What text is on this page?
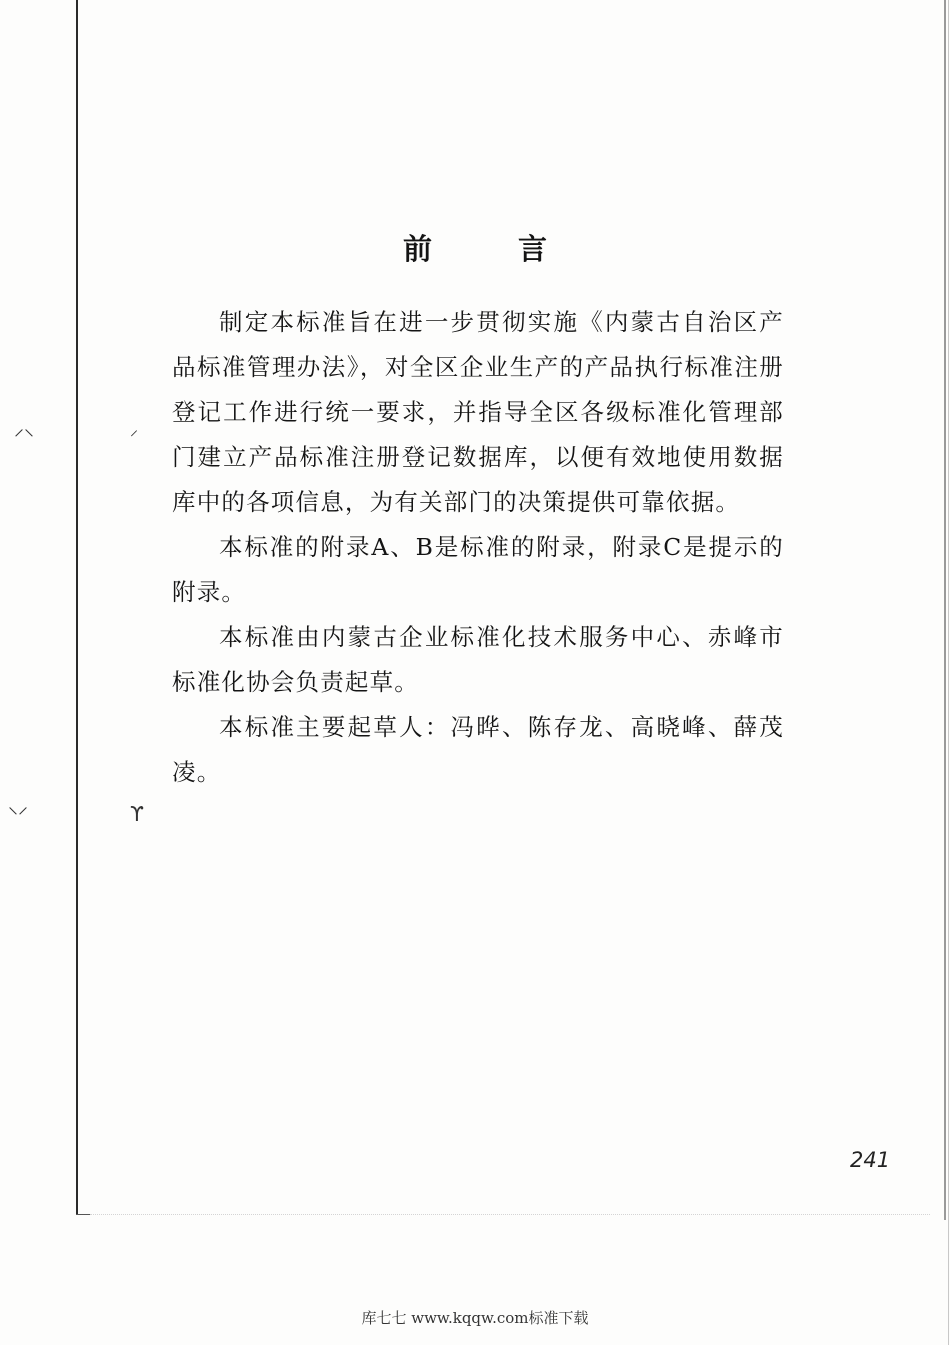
⸝⸜	⸝
⸜⸝	ϒ
前	言

制定本标准旨在进一步贯彻实施《内蒙古自治区产品标准管理办法》，对全区企业生产的产品执行标准注册登记工作进行统一要求，并指导全区各级标准化管理部门建立产品标准注册登记数据库，以便有效地使用数据库中的各项信息，为有关部门的决策提供可靠依据。

本标准的附录A、B是标准的附录，附录C是提示的附录。

本标准由内蒙古企业标准化技术服务中心、赤峰市标准化协会负责起草。

本标准主要起草人：冯晔、陈存龙、高晓峰、薛茂凌。

241
库七七 www.kqqw.com标准下载
